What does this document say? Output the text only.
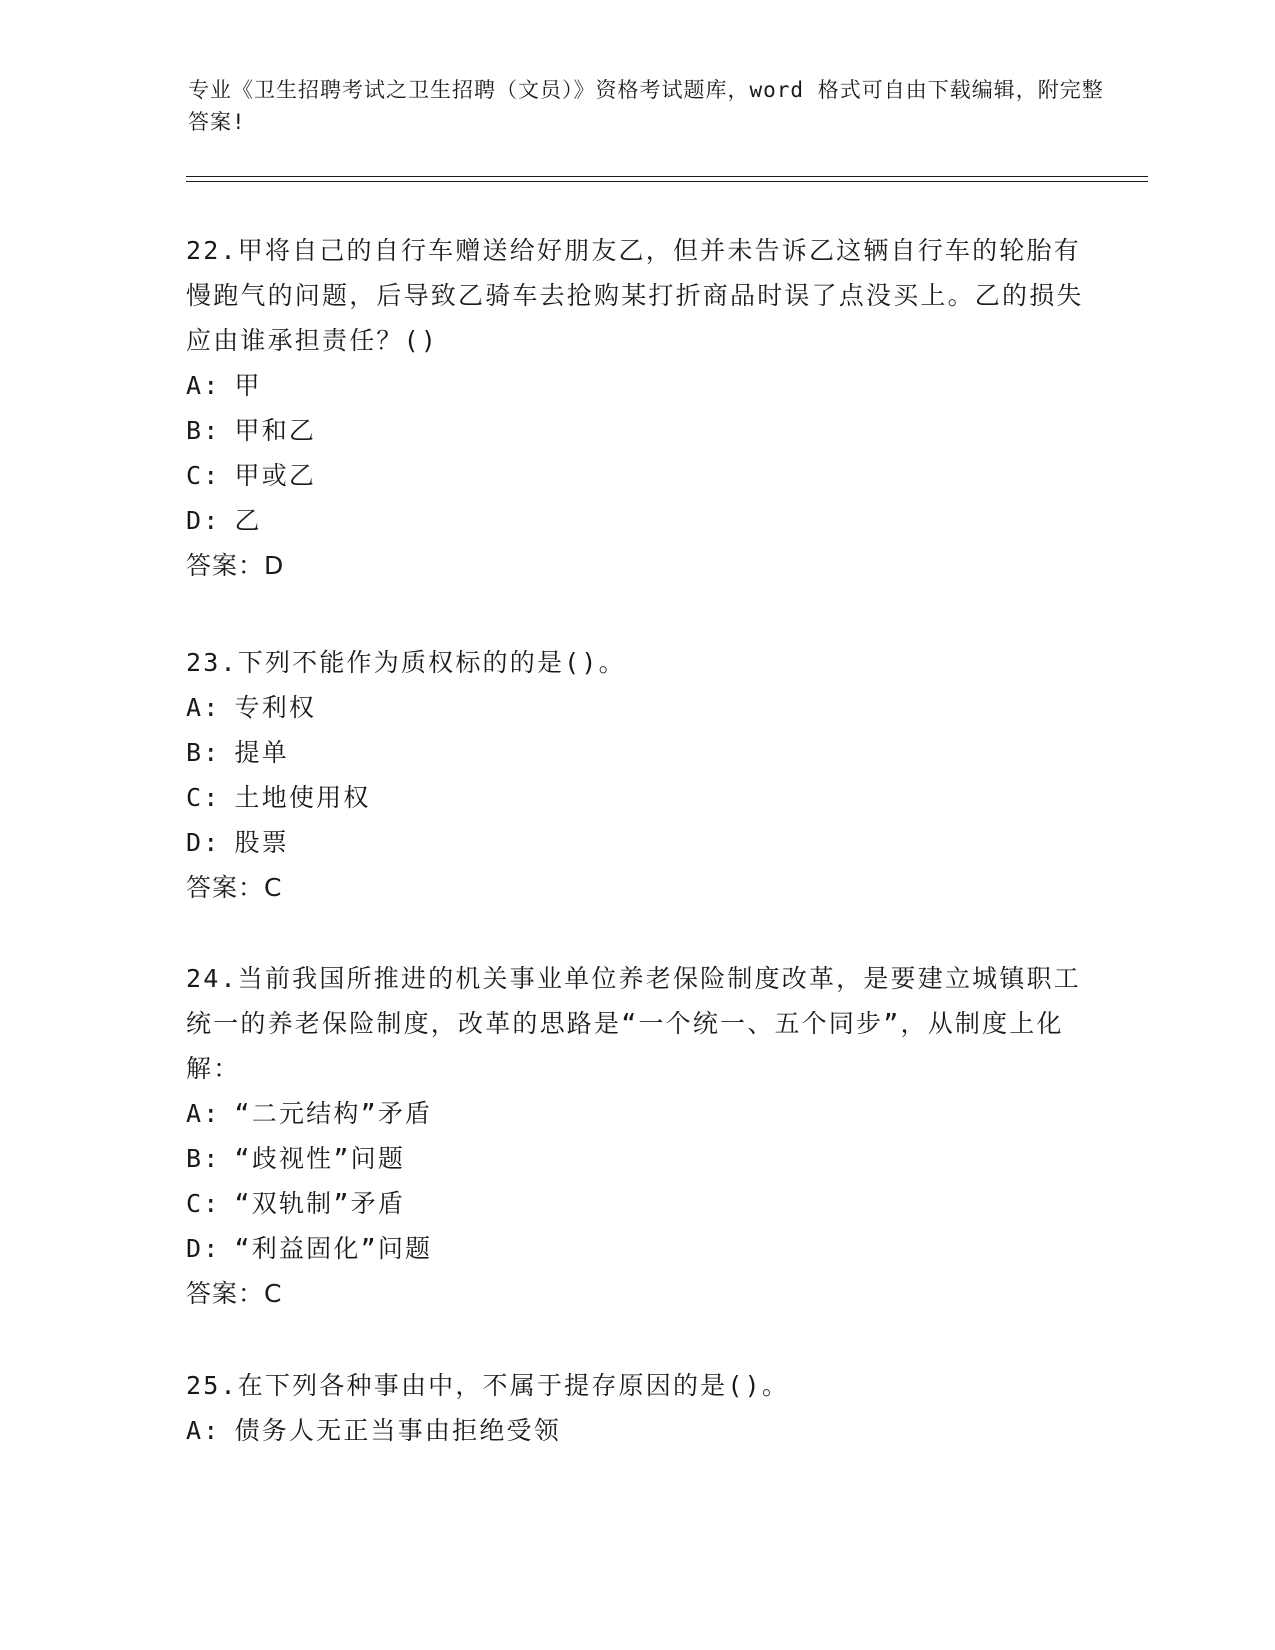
专业《卫生招聘考试之卫生招聘（文员）》资格考试题库，word 格式可自由下载编辑，附完整答案!

22.甲将自己的自行车赠送给好朋友乙，但并未告诉乙这辆自行车的轮胎有慢跑气的问题，后导致乙骑车去抢购某打折商品时误了点没买上。乙的损失应由谁承担责任？()

A: 甲

B: 甲和乙

C: 甲或乙

D: 乙

答案：D

23.下列不能作为质权标的的是()。

A: 专利权

B: 提单

C: 土地使用权

D: 股票

答案：C

24.当前我国所推进的机关事业单位养老保险制度改革，是要建立城镇职工统一的养老保险制度，改革的思路是“一个统一、五个同步”，从制度上化解：

A: “二元结构”矛盾

B: “歧视性”问题

C: “双轨制”矛盾

D: “利益固化”问题

答案：C

25.在下列各种事由中，不属于提存原因的是()。

A: 债务人无正当事由拒绝受领
